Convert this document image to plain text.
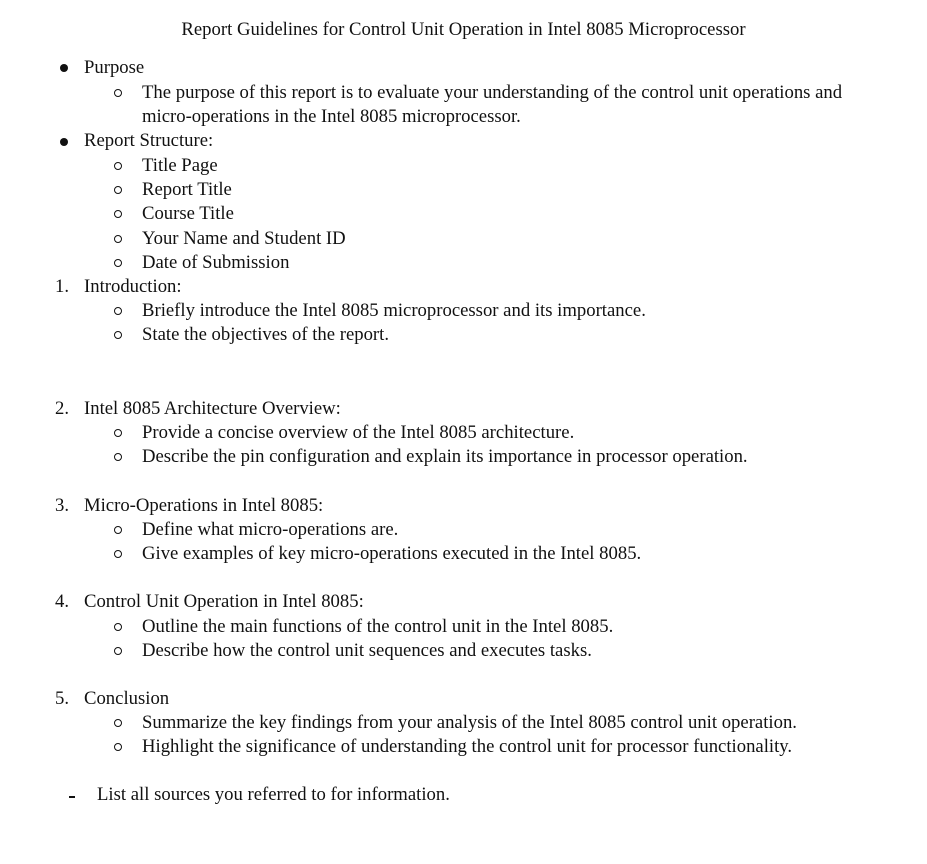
Report Guidelines for Control Unit Operation in Intel 8085 Microprocessor
Purpose
The purpose of this report is to evaluate your understanding of the control unit operations and
micro-operations in the Intel 8085 microprocessor.
Report Structure:
Title Page
Report Title
Course Title
Your Name and Student ID
Date of Submission
1. Introduction:
Briefly introduce the Intel 8085 microprocessor and its importance.
State the objectives of the report.
2. Intel 8085 Architecture Overview:
Provide a concise overview of the Intel 8085 architecture.
Describe the pin configuration and explain its importance in processor operation.
3. Micro-Operations in Intel 8085:
Define what micro-operations are.
Give examples of key micro-operations executed in the Intel 8085.
4. Control Unit Operation in Intel 8085:
Outline the main functions of the control unit in the Intel 8085.
Describe how the control unit sequences and executes tasks.
5. Conclusion
Summarize the key findings from your analysis of the Intel 8085 control unit operation.
Highlight the significance of understanding the control unit for processor functionality.
List all sources you referred to for information.
